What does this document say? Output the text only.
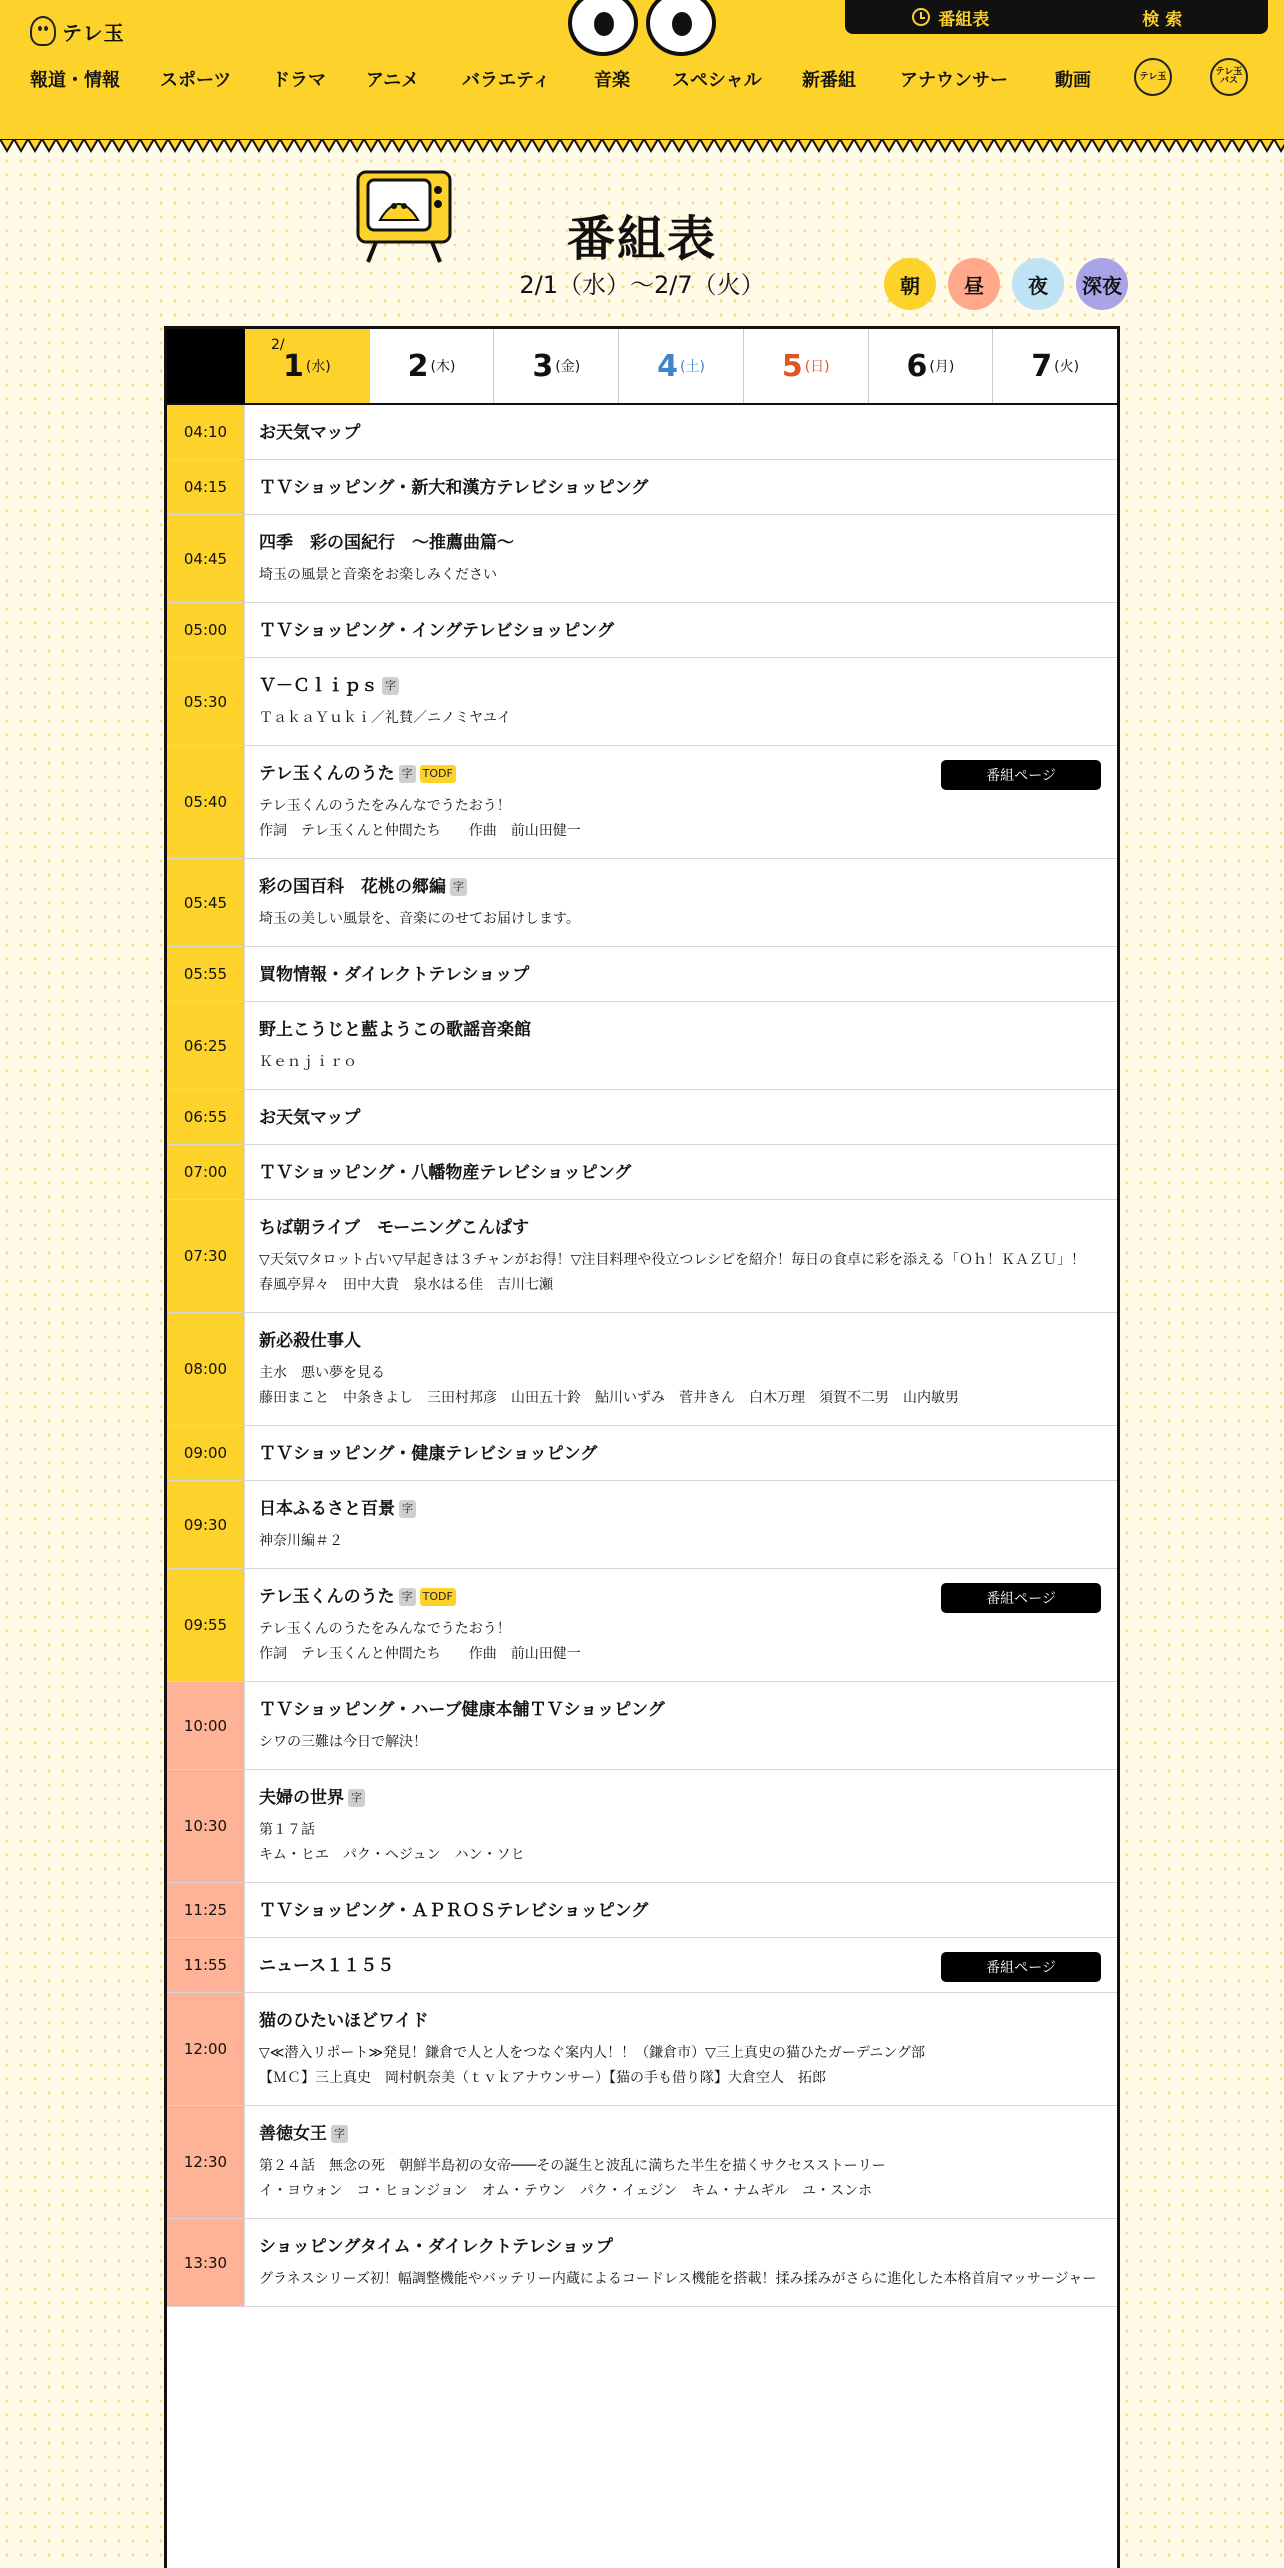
テレ玉
番組表	検 索
報道・情報 スポーツ ドラマ アニメ バラエティ 音楽 スペシャル 新番組 アナウンサー	動画	テレ玉	テレ玉バス
番組表
2/1（水）〜2/7（火）	朝	昼	夜	深夜
2/
1 (水)	2 (木)	3 (金)	4 (土)	5 (日)	6 (月)	7 (火)
04:10	お天気マップ
04:15	ＴＶショッピング・新大和漢方テレビショッピング
04:45
四季　彩の国紀行　～推薦曲篇～
埼玉の風景と音楽をお楽しみください
05:00	ＴＶショッピング・イングテレビショッピング
05:30
Ｖ－Ｃｌｉｐｓ 字
ＴａｋａＹｕｋｉ／礼賛／ニノミヤユイ
05:40
テレ玉くんのうた 字 TODF
テレ玉くんのうたをみんなでうたおう！
作詞　テレ玉くんと仲間たち　　作曲　前山田健一
番組ページ
05:45
彩の国百科　花桃の郷編 字
埼玉の美しい風景を、音楽にのせてお届けします。
05:55	買物情報・ダイレクトテレショップ
06:25
野上こうじと藍ようこの歌謡音楽館
Ｋｅｎｊｉｒｏ
06:55	お天気マップ
07:00	ＴＶショッピング・八幡物産テレビショッピング
07:30
ちば朝ライブ　モーニングこんぱす
▽天気▽タロット占い▽早起きは３チャンがお得！▽注目料理や役立つレシピを紹介！毎日の食卓に彩を添える「Ｏｈ！ＫＡＺＵ」！
春風亭昇々　田中大貴　泉水はる佳　吉川七瀬
08:00
新必殺仕事人
主水　悪い夢を見る
藤田まこと　中条きよし　三田村邦彦　山田五十鈴　鮎川いずみ　菅井きん　白木万理　須賀不二男　山内敏男
09:00	ＴＶショッピング・健康テレビショッピング
09:30
日本ふるさと百景 字
神奈川編＃２
09:55
テレ玉くんのうた 字 TODF
テレ玉くんのうたをみんなでうたおう！
作詞　テレ玉くんと仲間たち　　作曲　前山田健一
番組ページ
10:00
ＴＶショッピング・ハーブ健康本舗ＴＶショッピング
シワの三難は今日で解決！
10:30
夫婦の世界 字
第１７話
キム・ヒエ　パク・ヘジュン　ハン・ソヒ
11:25	ＴＶショッピング・ＡＰＲＯＳテレビショッピング
11:55	ニュース１１５５	番組ページ
12:00
猫のひたいほどワイド
▽≪潜入リポート≫発見！鎌倉で人と人をつなぐ案内人！！（鎌倉市）▽三上真史の猫ひたガーデニング部
【ＭＣ】三上真史　岡村帆奈美（ｔｖｋアナウンサー）【猫の手も借り隊】大倉空人　拓郎
12:30
善徳女王 字
第２４話　無念の死　朝鮮半島初の女帝───その誕生と波乱に満ちた半生を描くサクセスストーリー
イ・ヨウォン　コ・ヒョンジョン　オム・テウン　パク・イェジン　キム・ナムギル　ユ・スンホ
13:30
ショッピングタイム・ダイレクトテレショップ
グラネスシリーズ初！幅調整機能やバッテリー内蔵によるコードレス機能を搭載！揉み揉みがさらに進化した本格首肩マッサージャー
